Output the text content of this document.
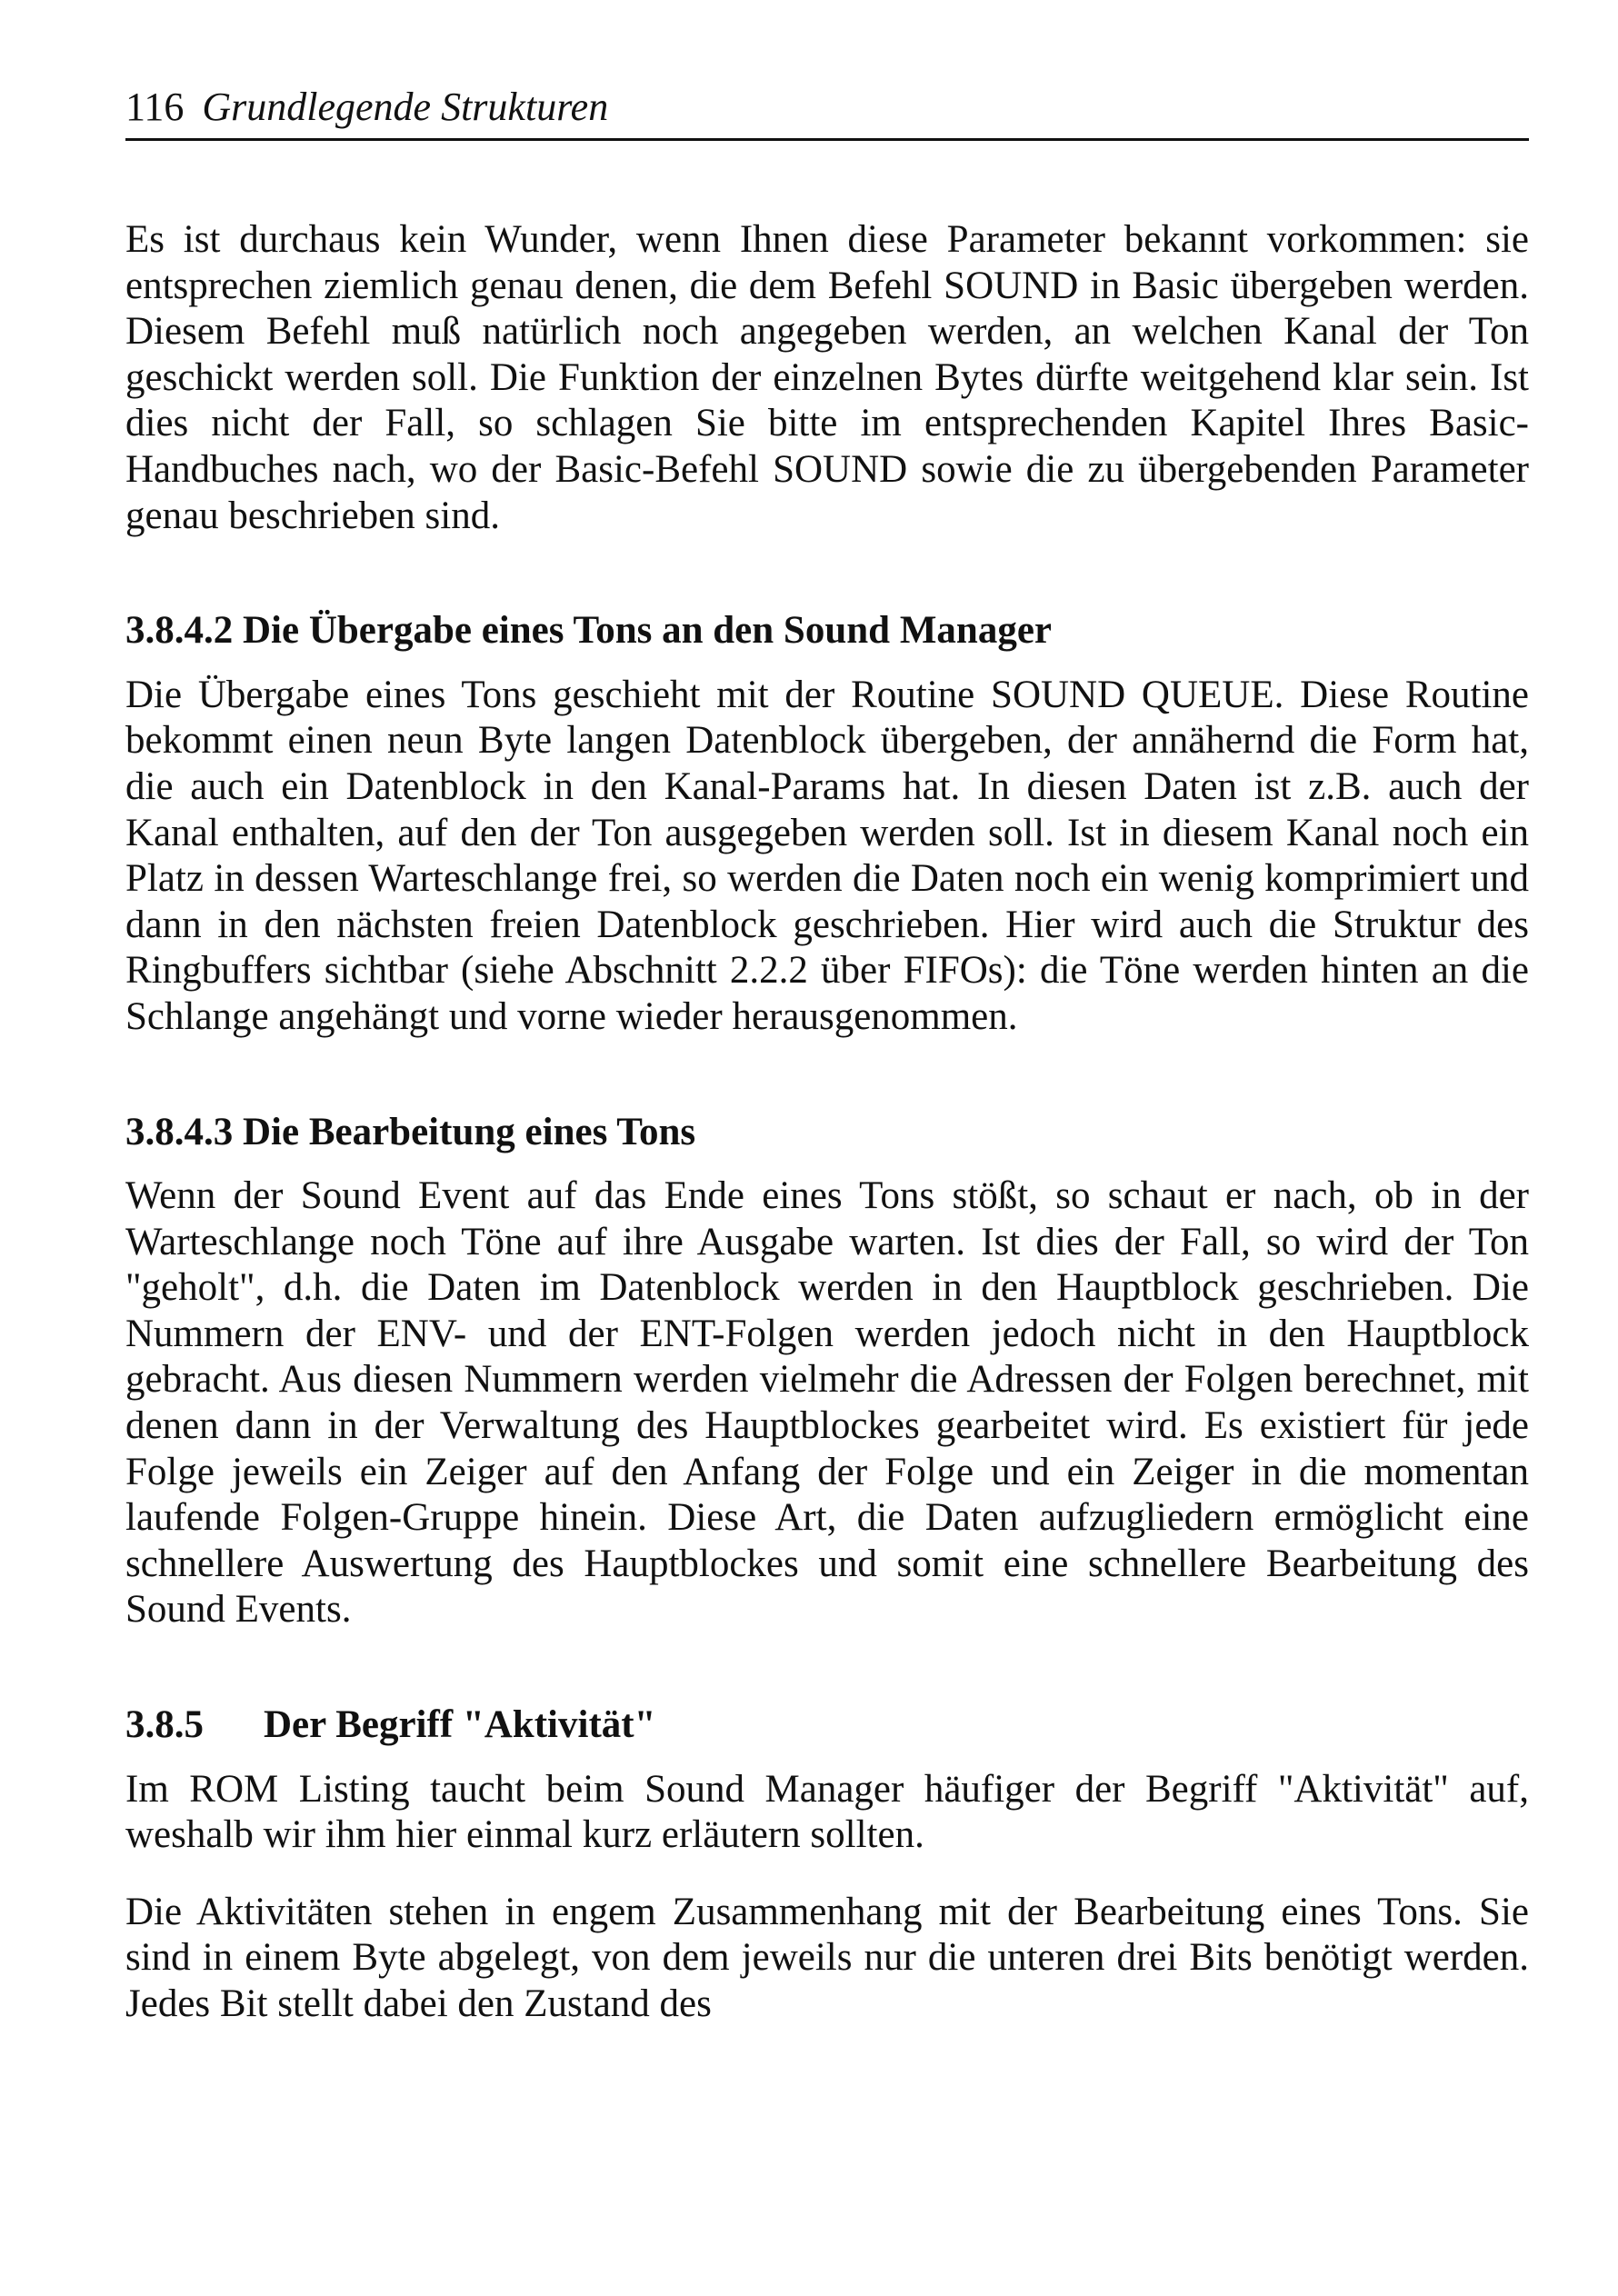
116 Grundlegende Strukturen

Es ist durchaus kein Wunder, wenn Ihnen diese Parameter bekannt vorkommen: sie entsprechen ziemlich genau denen, die dem Befehl SOUND in Basic übergeben werden. Diesem Befehl muß natürlich noch angegeben werden, an welchen Kanal der Ton geschickt werden soll. Die Funktion der einzelnen Bytes dürfte weitgehend klar sein. Ist dies nicht der Fall, so schlagen Sie bitte im entsprechenden Kapitel Ihres Basic-Handbuches nach, wo der Basic-Befehl SOUND sowie die zu übergebenden Parameter genau beschrieben sind.

3.8.4.2 Die Übergabe eines Tons an den Sound Manager

Die Übergabe eines Tons geschieht mit der Routine SOUND QUEUE. Diese Routine bekommt einen neun Byte langen Datenblock übergeben, der annähernd die Form hat, die auch ein Datenblock in den Kanal-Params hat. In diesen Daten ist z.B. auch der Kanal enthalten, auf den der Ton ausgegeben werden soll. Ist in diesem Kanal noch ein Platz in dessen Warteschlange frei, so werden die Daten noch ein wenig komprimiert und dann in den nächsten freien Datenblock geschrieben. Hier wird auch die Struktur des Ringbuffers sichtbar (siehe Abschnitt 2.2.2 über FIFOs): die Töne werden hinten an die Schlange angehängt und vorne wieder herausgenommen.

3.8.4.3 Die Bearbeitung eines Tons

Wenn der Sound Event auf das Ende eines Tons stößt, so schaut er nach, ob in der Warteschlange noch Töne auf ihre Ausgabe warten. Ist dies der Fall, so wird der Ton "geholt", d.h. die Daten im Datenblock werden in den Hauptblock geschrieben. Die Nummern der ENV- und der ENT-Folgen werden jedoch nicht in den Hauptblock gebracht. Aus diesen Nummern werden vielmehr die Adressen der Folgen berechnet, mit denen dann in der Verwaltung des Hauptblockes gearbeitet wird. Es existiert für jede Folge jeweils ein Zeiger auf den Anfang der Folge und ein Zeiger in die momentan laufende Folgen-Gruppe hinein. Diese Art, die Daten aufzugliedern ermöglicht eine schnellere Auswertung des Hauptblockes und somit eine schnellere Bearbeitung des Sound Events.

3.8.5 Der Begriff "Aktivität"

Im ROM Listing taucht beim Sound Manager häufiger der Begriff "Aktivität" auf, weshalb wir ihm hier einmal kurz erläutern sollten.

Die Aktivitäten stehen in engem Zusammenhang mit der Bearbeitung eines Tons. Sie sind in einem Byte abgelegt, von dem jeweils nur die unteren drei Bits benötigt werden. Jedes Bit stellt dabei den Zustand des
